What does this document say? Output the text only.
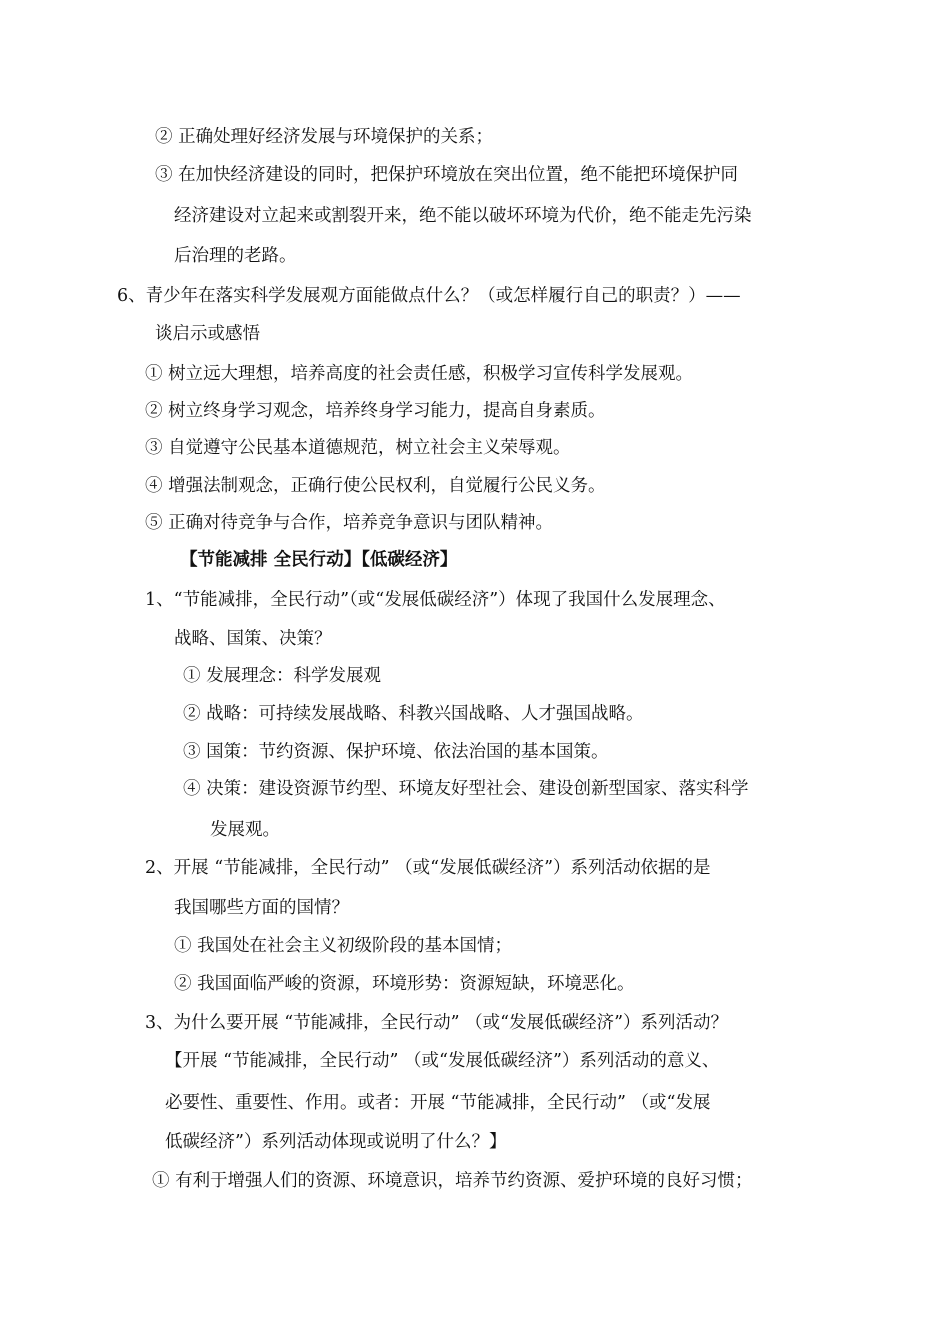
② 正确处理好经济发展与环境保护的关系；
③ 在加快经济建设的同时，把保护环境放在突出位置，绝不能把环境保护同
经济建设对立起来或割裂开来，绝不能以破坏环境为代价，绝不能走先污染
后治理的老路。
6、青少年在落实科学发展观方面能做点什么？（或怎样履行自己的职责？）——
谈启示或感悟
① 树立远大理想，培养高度的社会责任感，积极学习宣传科学发展观。
② 树立终身学习观念，培养终身学习能力，提高自身素质。
③ 自觉遵守公民基本道德规范，树立社会主义荣辱观。
④ 增强法制观念，正确行使公民权利，自觉履行公民义务。
⑤ 正确对待竞争与合作，培养竞争意识与团队精神。
【节能减排 全民行动】【低碳经济】
1、“节能减排，全民行动”（或“发展低碳经济”）体现了我国什么发展理念、
战略、国策、决策？
① 发展理念：科学发展观
② 战略：可持续发展战略、科教兴国战略、人才强国战略。
③ 国策：节约资源、保护环境、依法治国的基本国策。
④ 决策：建设资源节约型、环境友好型社会、建设创新型国家、落实科学
发展观。
2、开展 “节能减排，全民行动” （或“发展低碳经济”）系列活动依据的是
我国哪些方面的国情？
① 我国处在社会主义初级阶段的基本国情；
② 我国面临严峻的资源，环境形势：资源短缺，环境恶化。
3、为什么要开展 “节能减排，全民行动” （或“发展低碳经济”）系列活动？
【开展 “节能减排，全民行动” （或“发展低碳经济”）系列活动的意义、
必要性、重要性、作用。或者：开展 “节能减排，全民行动” （或“发展
低碳经济”）系列活动体现或说明了什么？】
① 有利于增强人们的资源、环境意识，培养节约资源、爱护环境的良好习惯；
